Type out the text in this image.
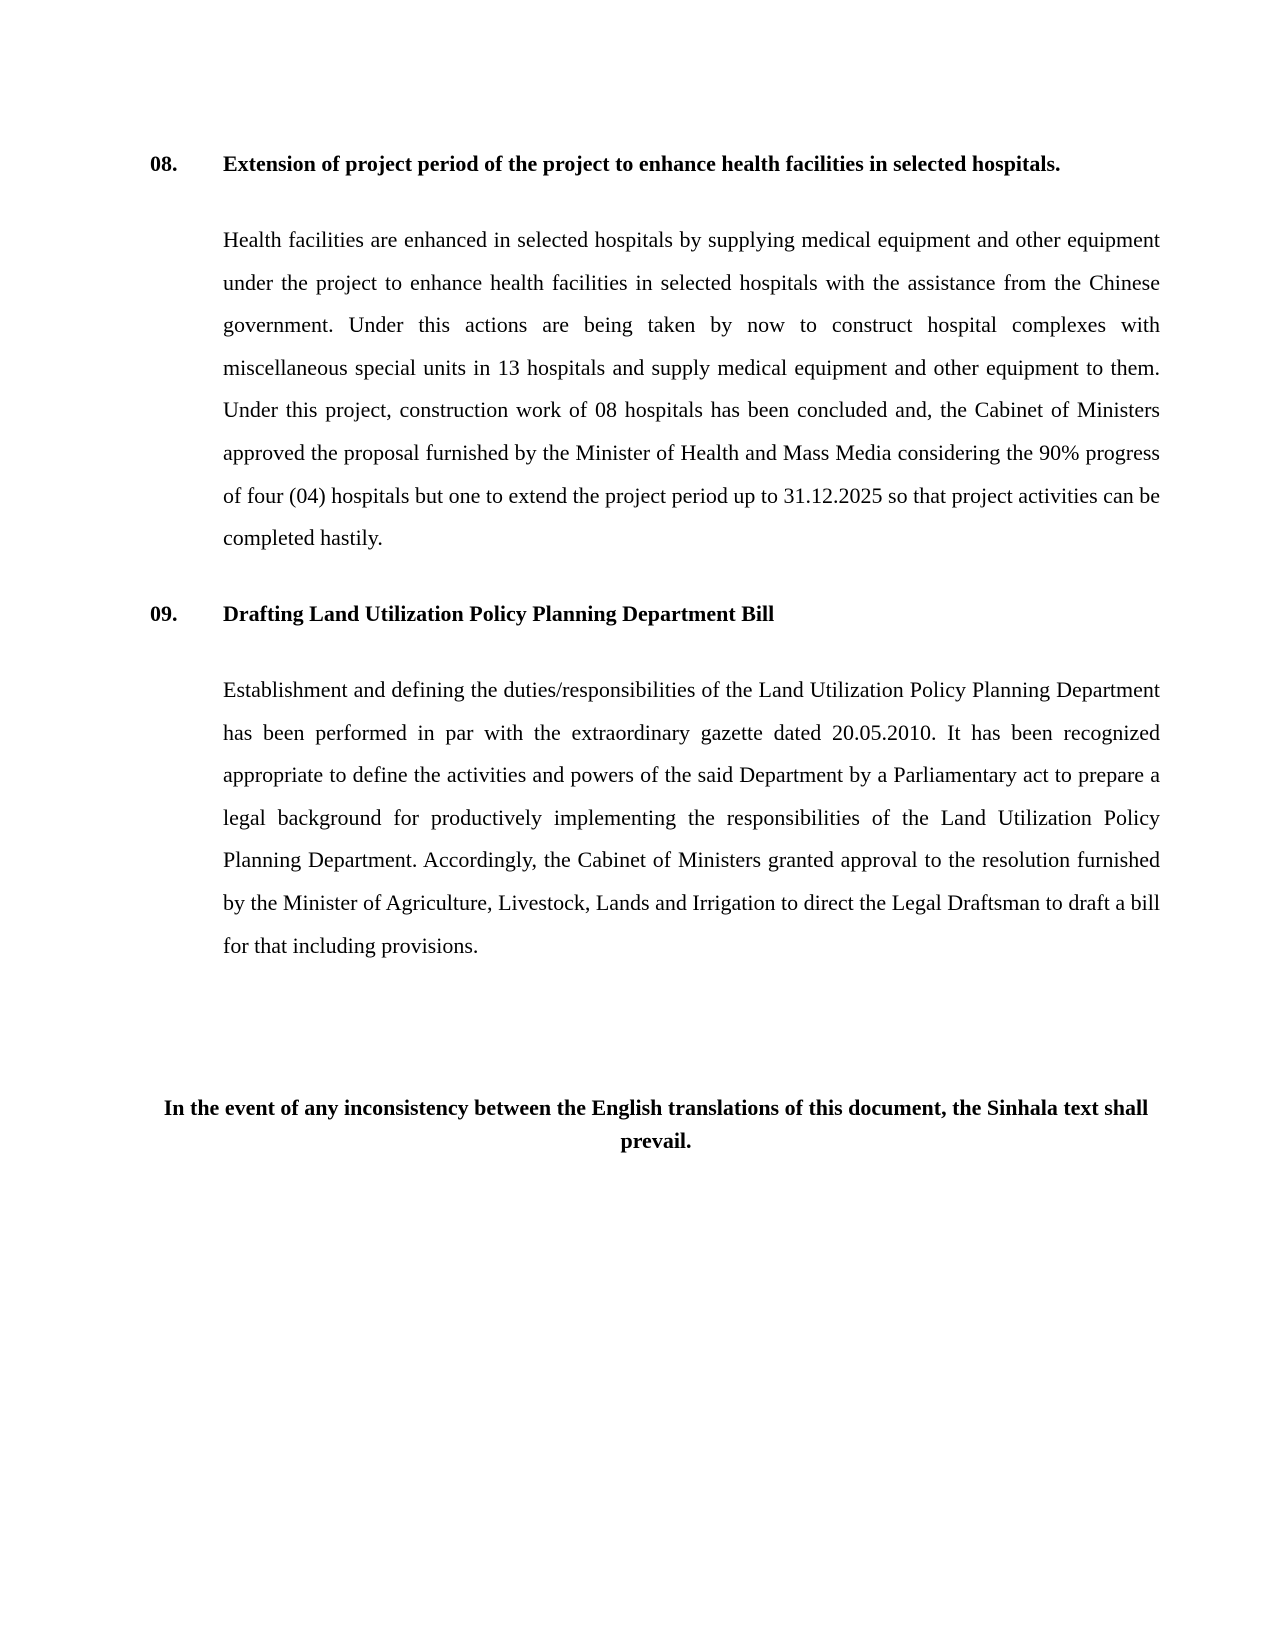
08. Extension of project period of the project to enhance health facilities in selected hospitals.
Health facilities are enhanced in selected hospitals by supplying medical equipment and other equipment under the project to enhance health facilities in selected hospitals with the assistance from the Chinese government. Under this actions are being taken by now to construct hospital complexes with miscellaneous special units in 13 hospitals and supply medical equipment and other equipment to them. Under this project, construction work of 08 hospitals has been concluded and, the Cabinet of Ministers approved the proposal furnished by the Minister of Health and Mass Media considering the 90% progress of four (04) hospitals but one to extend the project period up to 31.12.2025 so that project activities can be completed hastily.
09. Drafting Land Utilization Policy Planning Department Bill
Establishment and defining the duties/responsibilities of the Land Utilization Policy Planning Department has been performed in par with the extraordinary gazette dated 20.05.2010. It has been recognized appropriate to define the activities and powers of the said Department by a Parliamentary act to prepare a legal background for productively implementing the responsibilities of the Land Utilization Policy Planning Department. Accordingly, the Cabinet of Ministers granted approval to the resolution furnished by the Minister of Agriculture, Livestock, Lands and Irrigation to direct the Legal Draftsman to draft a bill for that including provisions.
In the event of any inconsistency between the English translations of this document, the Sinhala text shall prevail.
